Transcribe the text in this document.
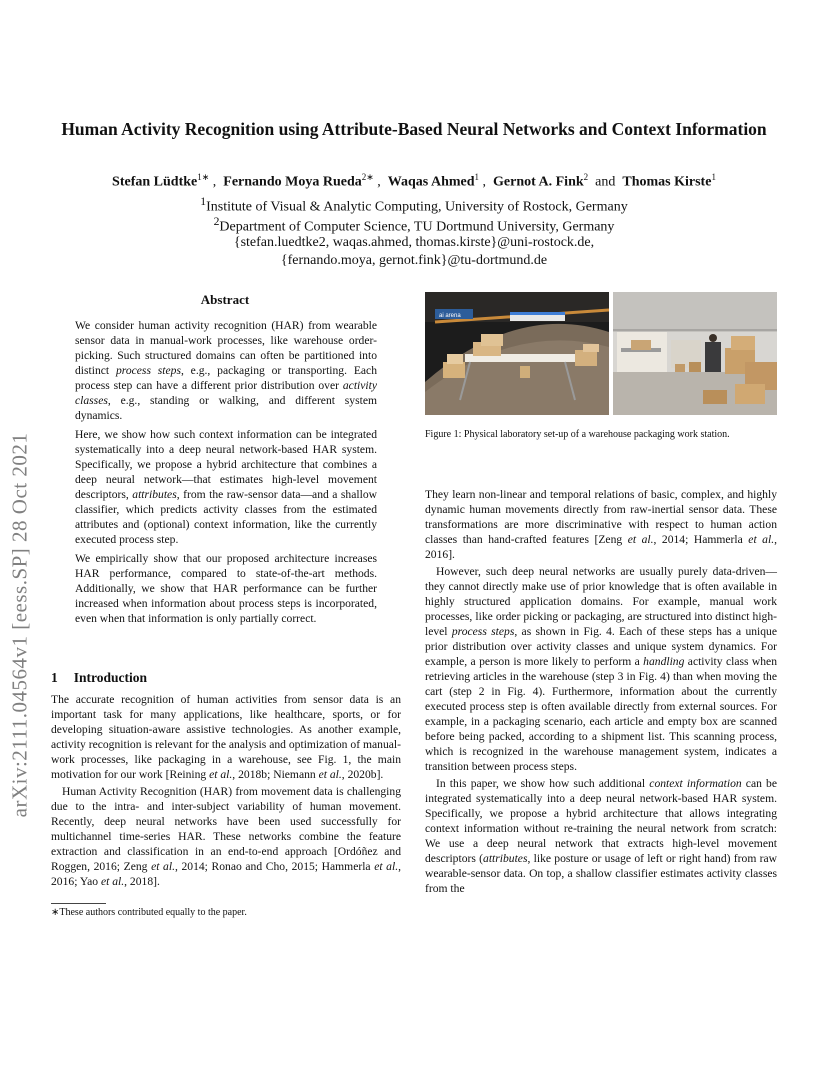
Human Activity Recognition using Attribute-Based Neural Networks and Context Information
Stefan Lüdtke$^{1∗}$ ,  Fernando Moya Rueda$^{2∗}$ ,  Waqas Ahmed$^1$ ,  Gernot A. Fink$^2$ and Thomas Kirste$^1$
$^1$Institute of Visual & Analytic Computing, University of Rostock, Germany
$^2$Department of Computer Science, TU Dortmund University, Germany
{stefan.luedtke2, waqas.ahmed, thomas.kirste}@uni-rostock.de,
{fernando.moya, gernot.fink}@tu-dortmund.de
arXiv:2111.04564v1 [eess.SP] 28 Oct 2021
Abstract

We consider human activity recognition (HAR) from wearable sensor data in manual-work processes, like warehouse order-picking. Such structured domains can often be partitioned into distinct process steps, e.g., packaging or transporting. Each process step can have a different prior distribution over activity classes, e.g., standing or walking, and different system dynamics.

Here, we show how such context information can be integrated systematically into a deep neural network-based HAR system. Specifically, we propose a hybrid architecture that combines a deep neural network—that estimates high-level movement descriptors, attributes, from the raw-sensor data—and a shallow classifier, which predicts activity classes from the estimated attributes and (optional) context information, like the currently executed process step.

We empirically show that our proposed architecture increases HAR performance, compared to state-of-the-art methods. Additionally, we show that HAR performance can be further increased when information about process steps is incorporated, even when that information is only partially correct.

1 Introduction

The accurate recognition of human activities from sensor data is an important task for many applications, like healthcare, sports, or for developing situation-aware assistive technologies. As another example, activity recognition is relevant for the analysis and optimization of manual-work processes, like packaging in a warehouse, see Fig. 1, the main motivation for our work [Reining et al., 2018b; Niemann et al., 2020b].

Human Activity Recognition (HAR) from movement data is challenging due to the intra- and inter-subject variability of human movement. Recently, deep neural networks have been used successfully for multichannel time-series HAR. These networks combine the feature extraction and classification in an end-to-end approach [Ordóñez and Roggen, 2016; Zeng et al., 2014; Ronao and Cho, 2015; Hammerla et al., 2016; Yao et al., 2018].

∗These authors contributed equally to the paper.
ai arena
Figure 1: Physical laboratory set-up of a warehouse packaging work station.

They learn non-linear and temporal relations of basic, complex, and highly dynamic human movements directly from raw-inertial sensor data. These transformations are more discriminative with respect to human action classes than hand-crafted features [Zeng et al., 2014; Hammerla et al., 2016].

However, such deep neural networks are usually purely data-driven—they cannot directly make use of prior knowledge that is often available in highly structured application domains. For example, manual work processes, like order picking or packaging, are structured into distinct high-level process steps, as shown in Fig. 4. Each of these steps has a unique prior distribution over activity classes and unique system dynamics. For example, a person is more likely to perform a handling activity class when retrieving articles in the warehouse (step 3 in Fig. 4) than when moving the cart (step 2 in Fig. 4). Furthermore, information about the currently executed process step is often available directly from external sources. For example, in a packaging scenario, each article and empty box are scanned before being packed, according to a shipment list. This scanning process, which is recognized in the warehouse management system, indicates a transition between process steps.

In this paper, we show how such additional context information can be integrated systematically into a deep neural network-based HAR system. Specifically, we propose a hybrid architecture that allows integrating context information without re-training the neural network from scratch: We use a deep neural network that extracts high-level movement descriptors (attributes, like posture or usage of left or right hand) from raw wearable-sensor data. On top, a shallow classifier estimates activity classes from the
